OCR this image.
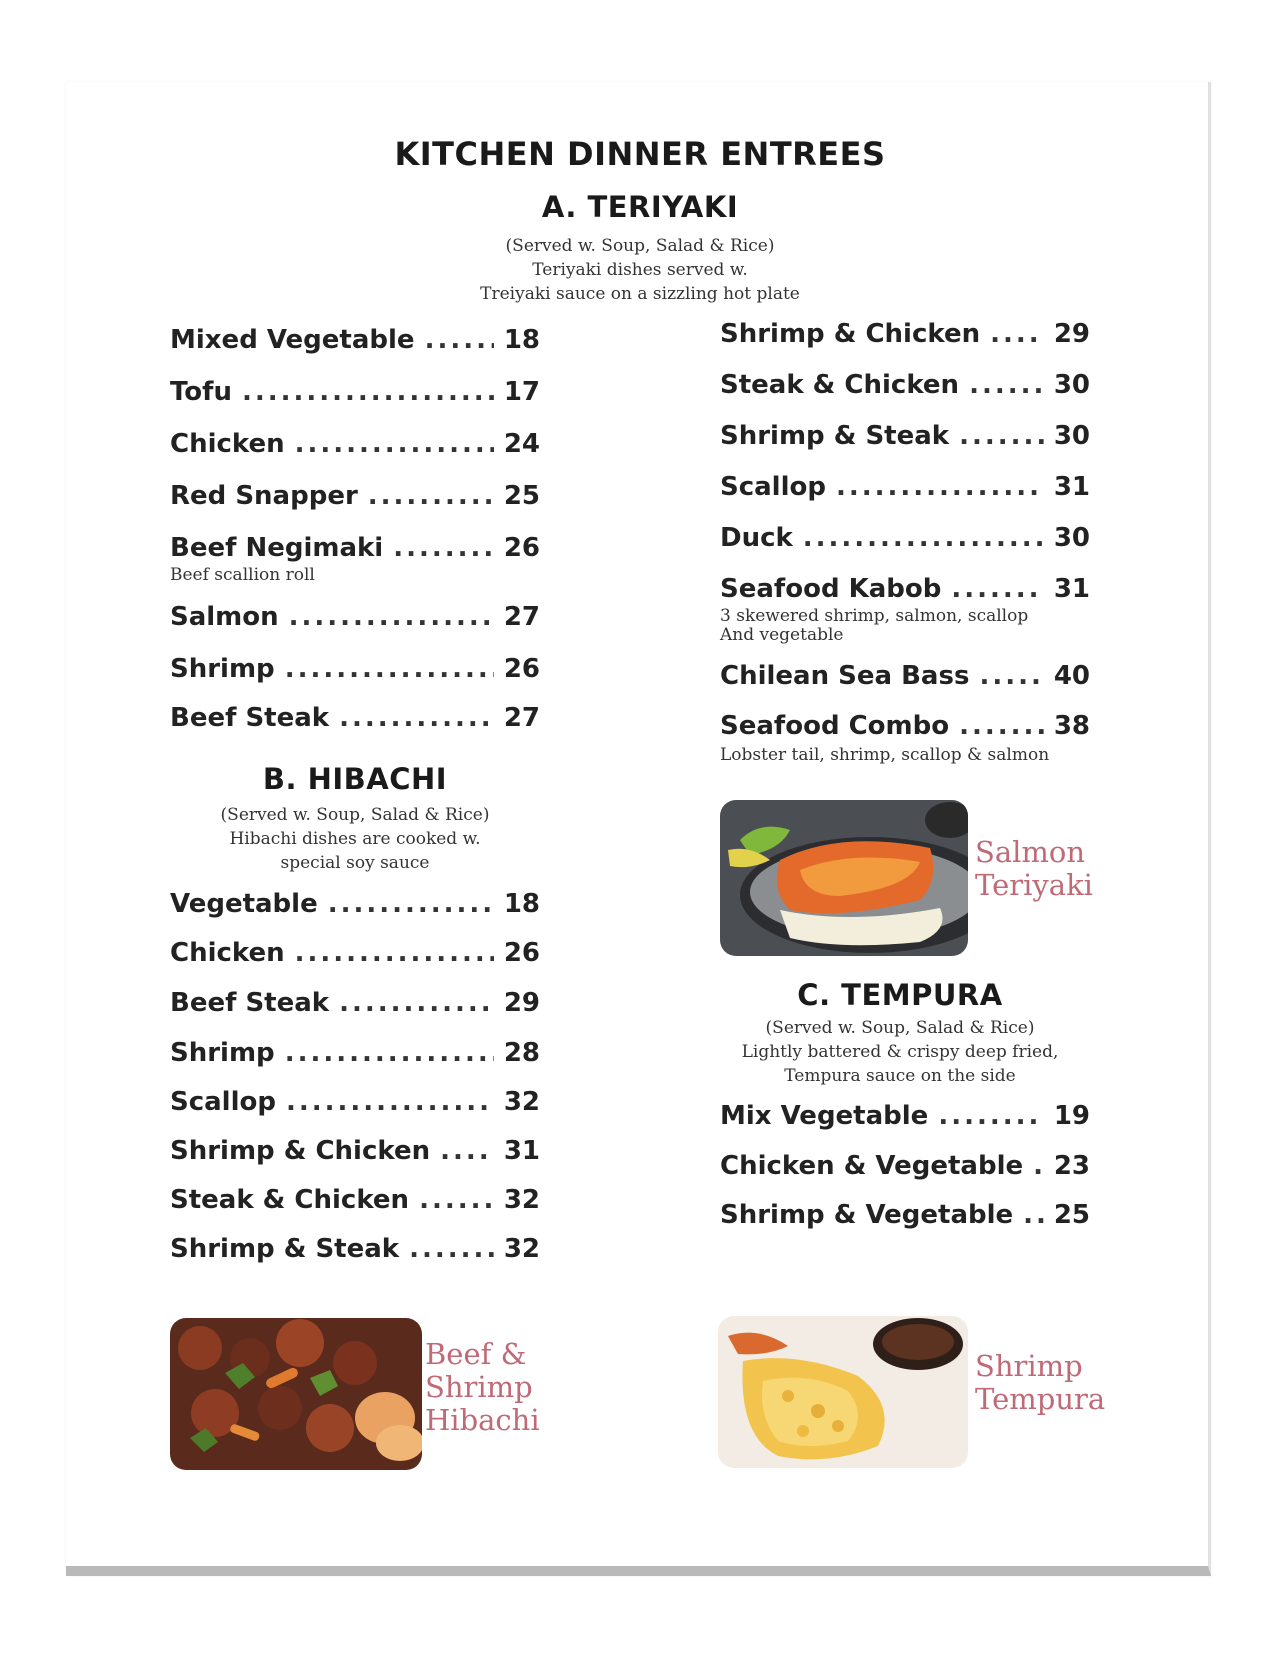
KITCHEN DINNER ENTREES
A. TERIYAKI
(Served w. Soup, Salad & Rice)
Teriyaki dishes served w.
Treiyaki sauce on a sizzling hot plate
Mixed Vegetable .....	18
Tofu .....	17
Chicken .....	24
Red Snapper .....	25
Beef Negimaki .....	26
Beef scallion roll
Salmon .....	27
Shrimp .....	26
Beef Steak .....	27
Shrimp & Chicken .....	29
Steak & Chicken .....	30
Shrimp & Steak .....	30
Scallop .....	31
Duck .....	30
Seafood Kabob .....	31
3 skewered shrimp, salmon, scallop
And vegetable
Chilean Sea Bass .....	40
Seafood Combo .....	38
Lobster tail, shrimp, scallop & salmon
Salmon
Teriyaki
B. HIBACHI
(Served w. Soup, Salad & Rice)
Hibachi dishes are cooked w.
special soy sauce
Vegetable .....	18
Chicken .....	26
Beef Steak .....	29
Shrimp .....	28
Scallop .....	32
Shrimp & Chicken .....	31
Steak & Chicken .....	32
Shrimp & Steak .....	32
C. TEMPURA
(Served w. Soup, Salad & Rice)
Lightly battered & crispy deep fried,
Tempura sauce on the side
Mix Vegetable .....	19
Chicken & Vegetable ..... 23
Shrimp & Vegetable ..... 25
Beef &
Shrimp
Hibachi
Shrimp
Tempura
